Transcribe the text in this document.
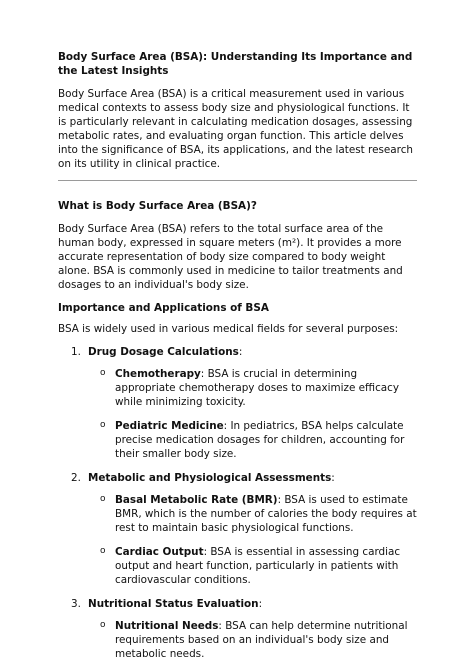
Body Surface Area (BSA): Understanding Its Importance and the Latest Insights

Body Surface Area (BSA) is a critical measurement used in various medical contexts to assess body size and physiological functions. It is particularly relevant in calculating medication dosages, assessing metabolic rates, and evaluating organ function. This article delves into the significance of BSA, its applications, and the latest research on its utility in clinical practice.

What is Body Surface Area (BSA)?

Body Surface Area (BSA) refers to the total surface area of the human body, expressed in square meters (m²). It provides a more accurate representation of body size compared to body weight alone. BSA is commonly used in medicine to tailor treatments and dosages to an individual's body size.

Importance and Applications of BSA

BSA is widely used in various medical fields for several purposes:

1. Drug Dosage Calculations:
o Chemotherapy: BSA is crucial in determining appropriate chemotherapy doses to maximize efficacy while minimizing toxicity.
o Pediatric Medicine: In pediatrics, BSA helps calculate precise medication dosages for children, accounting for their smaller body size.
2. Metabolic and Physiological Assessments:
o Basal Metabolic Rate (BMR): BSA is used to estimate BMR, which is the number of calories the body requires at rest to maintain basic physiological functions.
o Cardiac Output: BSA is essential in assessing cardiac output and heart function, particularly in patients with cardiovascular conditions.
3. Nutritional Status Evaluation:
o Nutritional Needs: BSA can help determine nutritional requirements based on an individual's body size and metabolic needs.
